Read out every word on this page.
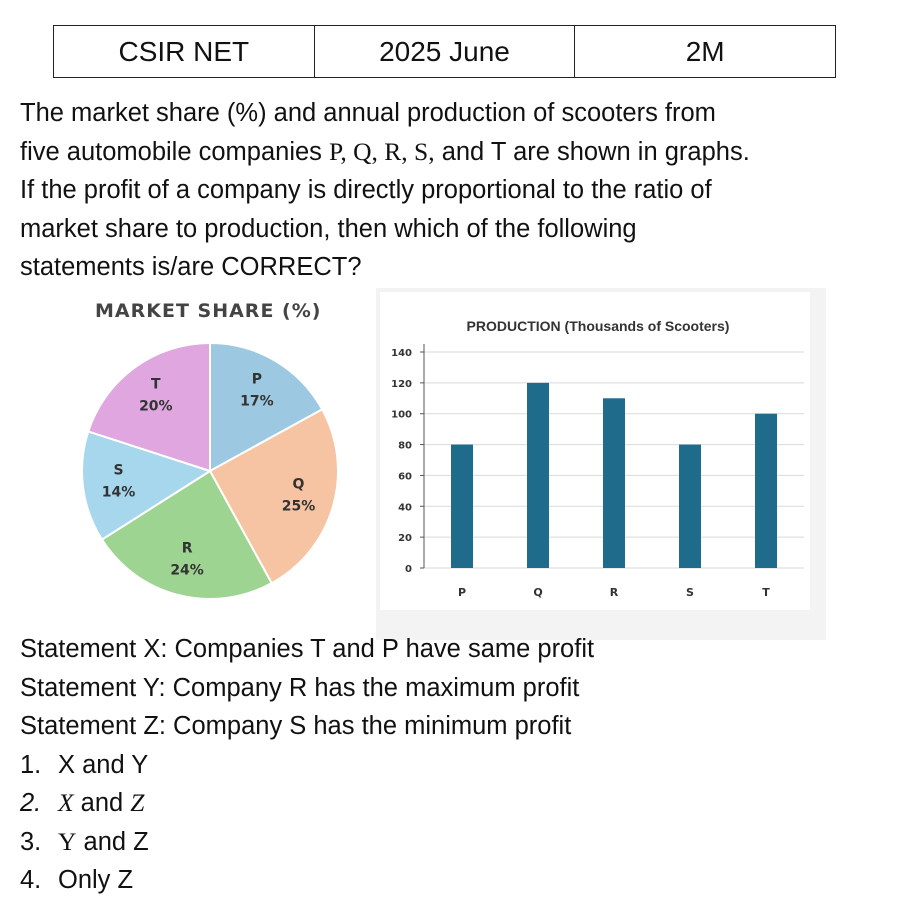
CSIR NET	2025 June	2M

The market share (%) and annual production of scooters from
five automobile companies P, Q, R, S, and T are shown in graphs.
If the profit of a company is directly proportional to the ratio of
market share to production, then which of the following
statements is/are CORRECT?

MARKET SHARE (%)
P
17%
Q
25%
R
24%
S
14%
T
20%
PRODUCTION (Thousands of Scooters)
0
20
40
60
80
100
120
140
P	Q	R	S	T

Statement X: Companies T and P have same profit
Statement Y: Company R has the maximum profit
Statement Z: Company S has the minimum profit
1. X and Y
2. X and Z
3. Y and Z
4. Only Z
